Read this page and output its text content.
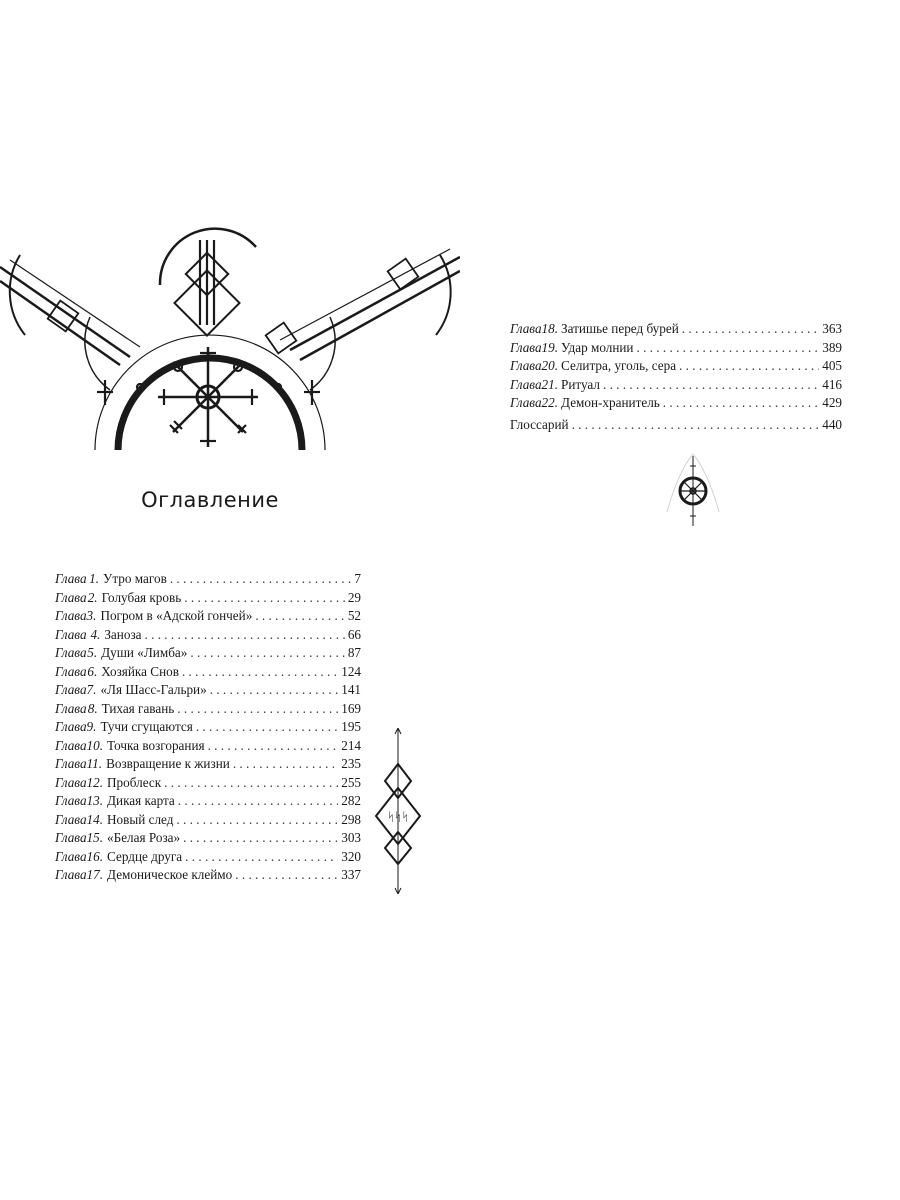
Оглавление
Глава 1. Утро магов . . .	7
Глава 2. Голубая кровь . . .	29
Глава 3. Погром в «Адской гончей» . . .	52
Глава 4. Заноза . . .	66
Глава 5. Души «Лимба» . . .	87
Глава 6. Хозяйка Снов . . .	124
Глава 7. «Ля Шасс-Гальри» . . .	141
Глава 8. Тихая гавань . . .	169
Глава 9. Тучи сгущаются . . .	195
Глава 10. Точка возгорания . . .	214
Глава 11. Возвращение к жизни . . .	235
Глава 12. Проблеск . . .	255
Глава 13. Дикая карта . . .	282
Глава 14. Новый след . . .	298
Глава 15. «Белая Роза» . . .	303
Глава 16. Сердце друга . . .	320
Глава 17. Демоническое клеймо . . .	337
ᛋᛋᛋ
Глава 18. Затишье перед бурей . . .	363
Глава 19. Удар молнии . . .	389
Глава 20. Селитра, уголь, сера . . .	405
Глава 21. Ритуал . . .	416
Глава 22. Демон-хранитель . . .	429
Глоссарий . . .	440
